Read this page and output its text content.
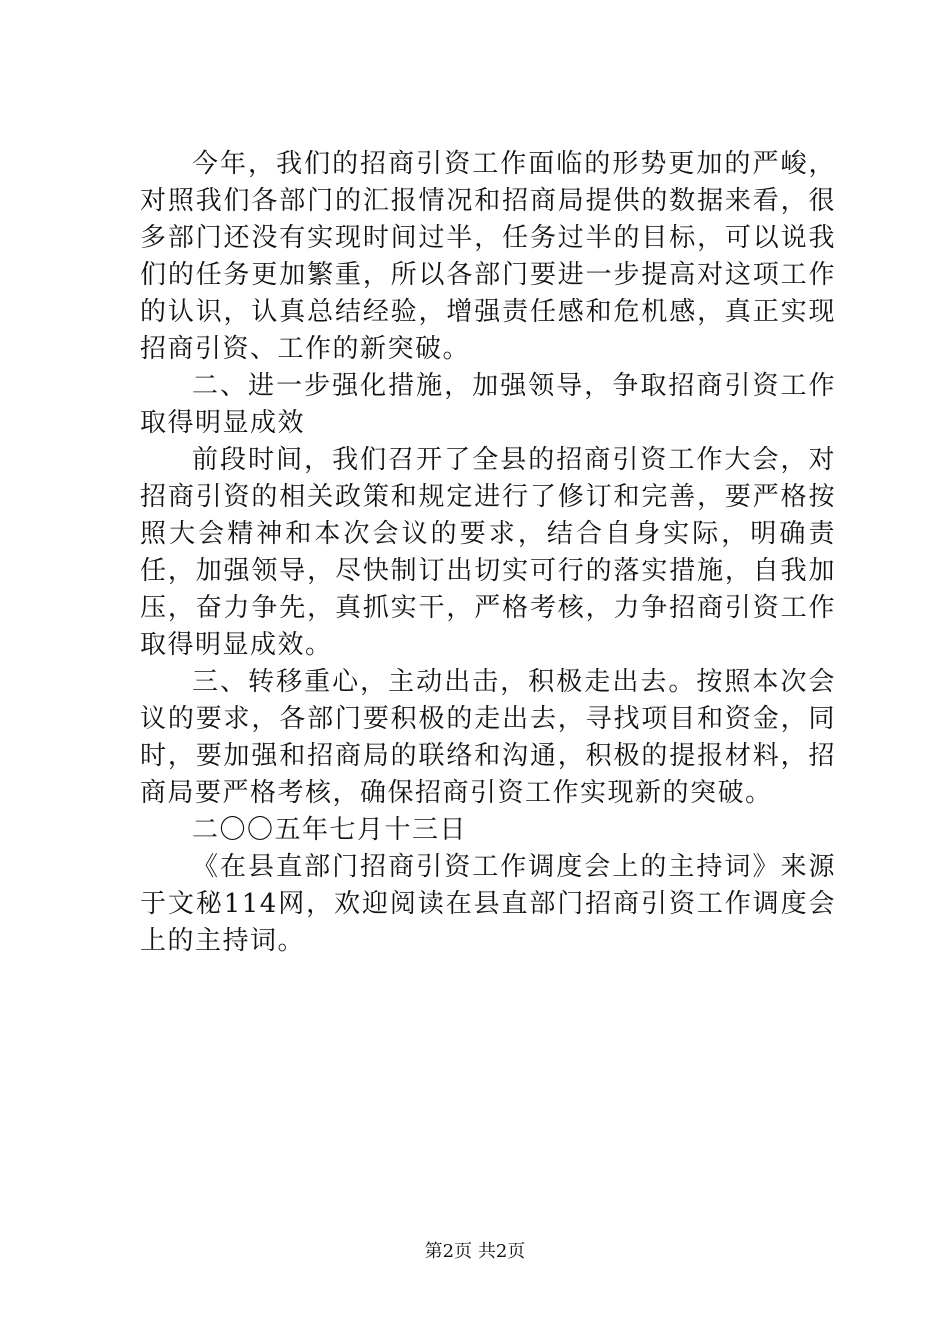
今年，我们的招商引资工作面临的形势更加的严峻，对照我们各部门的汇报情况和招商局提供的数据来看，很多部门还没有实现时间过半，任务过半的目标，可以说我们的任务更加繁重，所以各部门要进一步提高对这项工作的认识，认真总结经验，增强责任感和危机感，真正实现招商引资、工作的新突破。

二、进一步强化措施，加强领导，争取招商引资工作取得明显成效

前段时间，我们召开了全县的招商引资工作大会，对招商引资的相关政策和规定进行了修订和完善，要严格按照大会精神和本次会议的要求，结合自身实际，明确责任，加强领导，尽快制订出切实可行的落实措施，自我加压，奋力争先，真抓实干，严格考核，力争招商引资工作取得明显成效。

三、转移重心，主动出击，积极走出去。按照本次会议的要求，各部门要积极的走出去，寻找项目和资金，同时，要加强和招商局的联络和沟通，积极的提报材料，招商局要严格考核，确保招商引资工作实现新的突破。

二〇〇五年七月十三日

《在县直部门招商引资工作调度会上的主持词》来源于文秘114网，欢迎阅读在县直部门招商引资工作调度会上的主持词。

第2页 共2页
